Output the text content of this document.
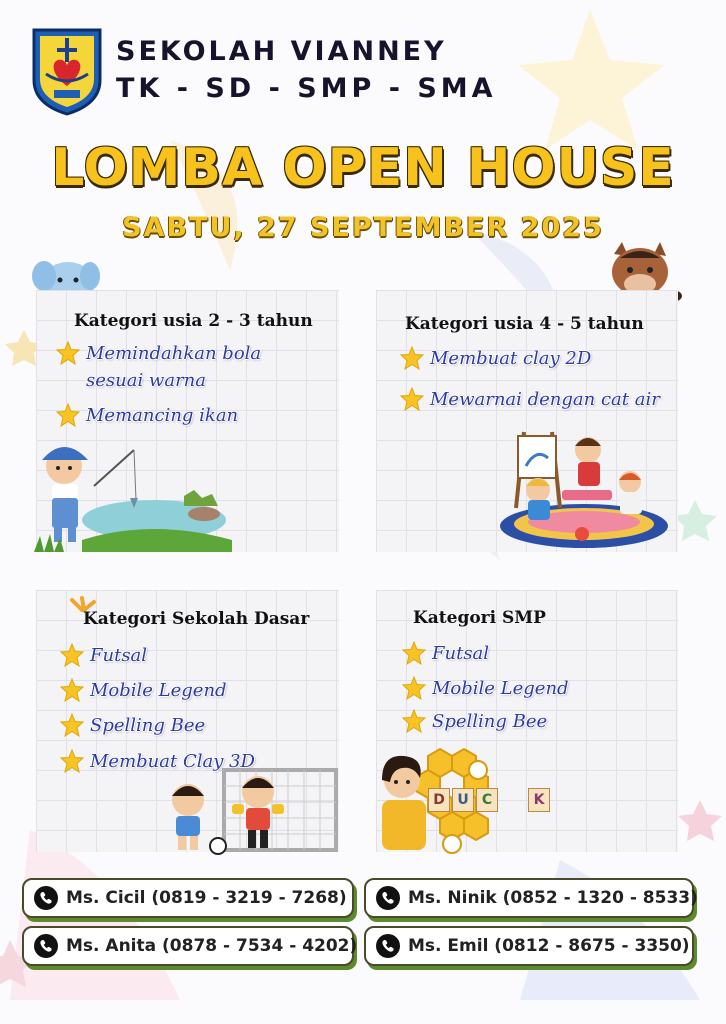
SEKOLAH VIANNEY
TK - SD - SMP - SMA
LOMBA OPEN HOUSE
SABTU, 27 SEPTEMBER 2025
Kategori usia 2 - 3 tahun
Memindahkan bola
sesuai warna
Memancing ikan
Kategori usia 4 - 5 tahun
Membuat clay 2D
Mewarnai dengan cat air
Kategori Sekolah Dasar
Futsal
Mobile Legend
Spelling Bee
Membuat Clay 3D
Kategori SMP
Futsal
Mobile Legend
Spelling Bee
D U C	K
Ms. Cicil (0819 - 3219 - 7268)	Ms. Ninik (0852 - 1320 - 8533)
Ms. Anita (0878 - 7534 - 4202)	Ms. Emil (0812 - 8675 - 3350)
